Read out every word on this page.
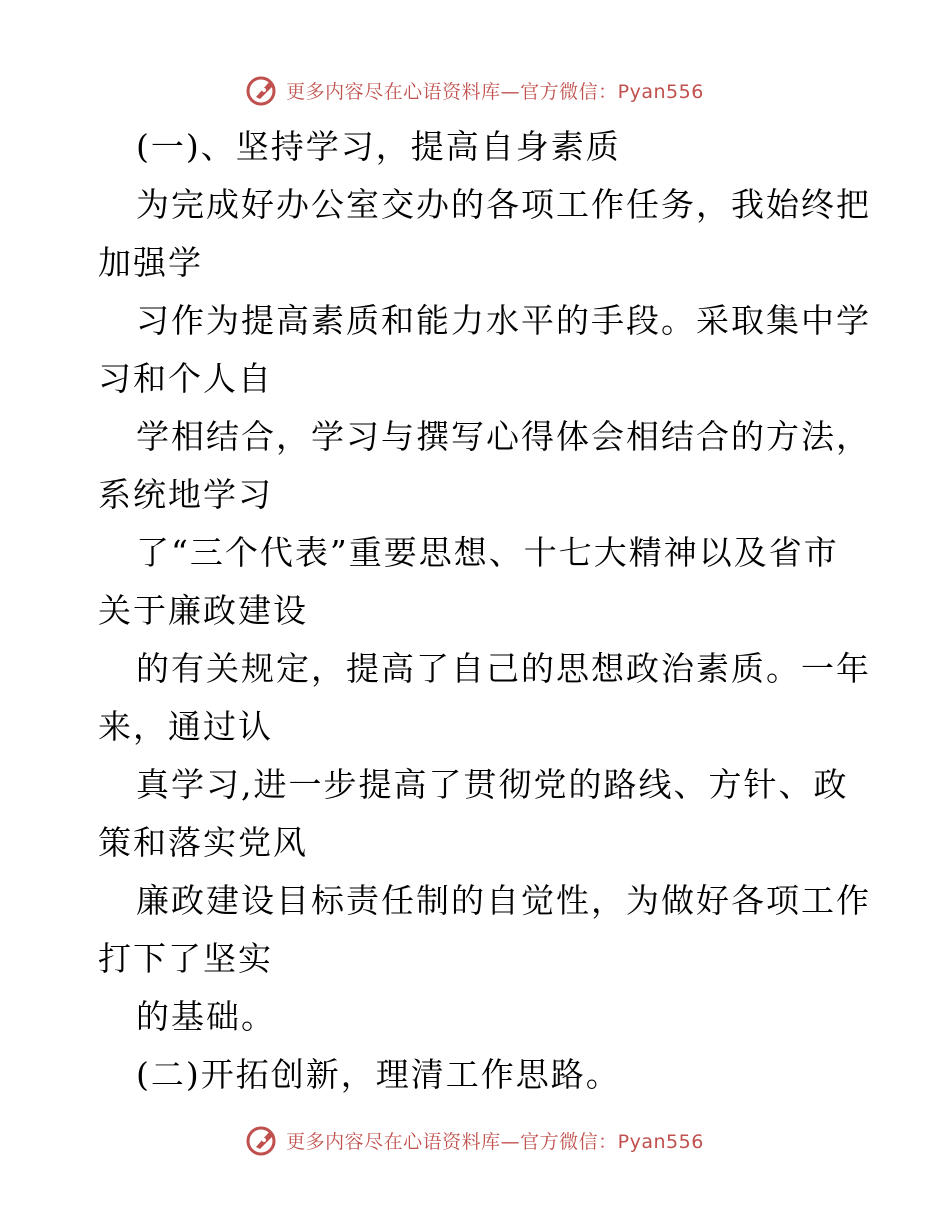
更多内容尽在心语资料库—官方微信：Pyan556
(一)、坚持学习，提高自身素质
为完成好办公室交办的各项工作任务，我始终把
加强学
习作为提高素质和能力水平的手段。采取集中学
习和个人自
学相结合，学习与撰写心得体会相结合的方法，
系统地学习
了“三个代表”重要思想、十七大精神以及省市
关于廉政建设
的有关规定，提高了自己的思想政治素质。一年
来，通过认
真学习,进一步提高了贯彻党的路线、方针、政
策和落实党风
廉政建设目标责任制的自觉性，为做好各项工作
打下了坚实
的基础。
(二)开拓创新，理清工作思路。
更多内容尽在心语资料库—官方微信：Pyan556
